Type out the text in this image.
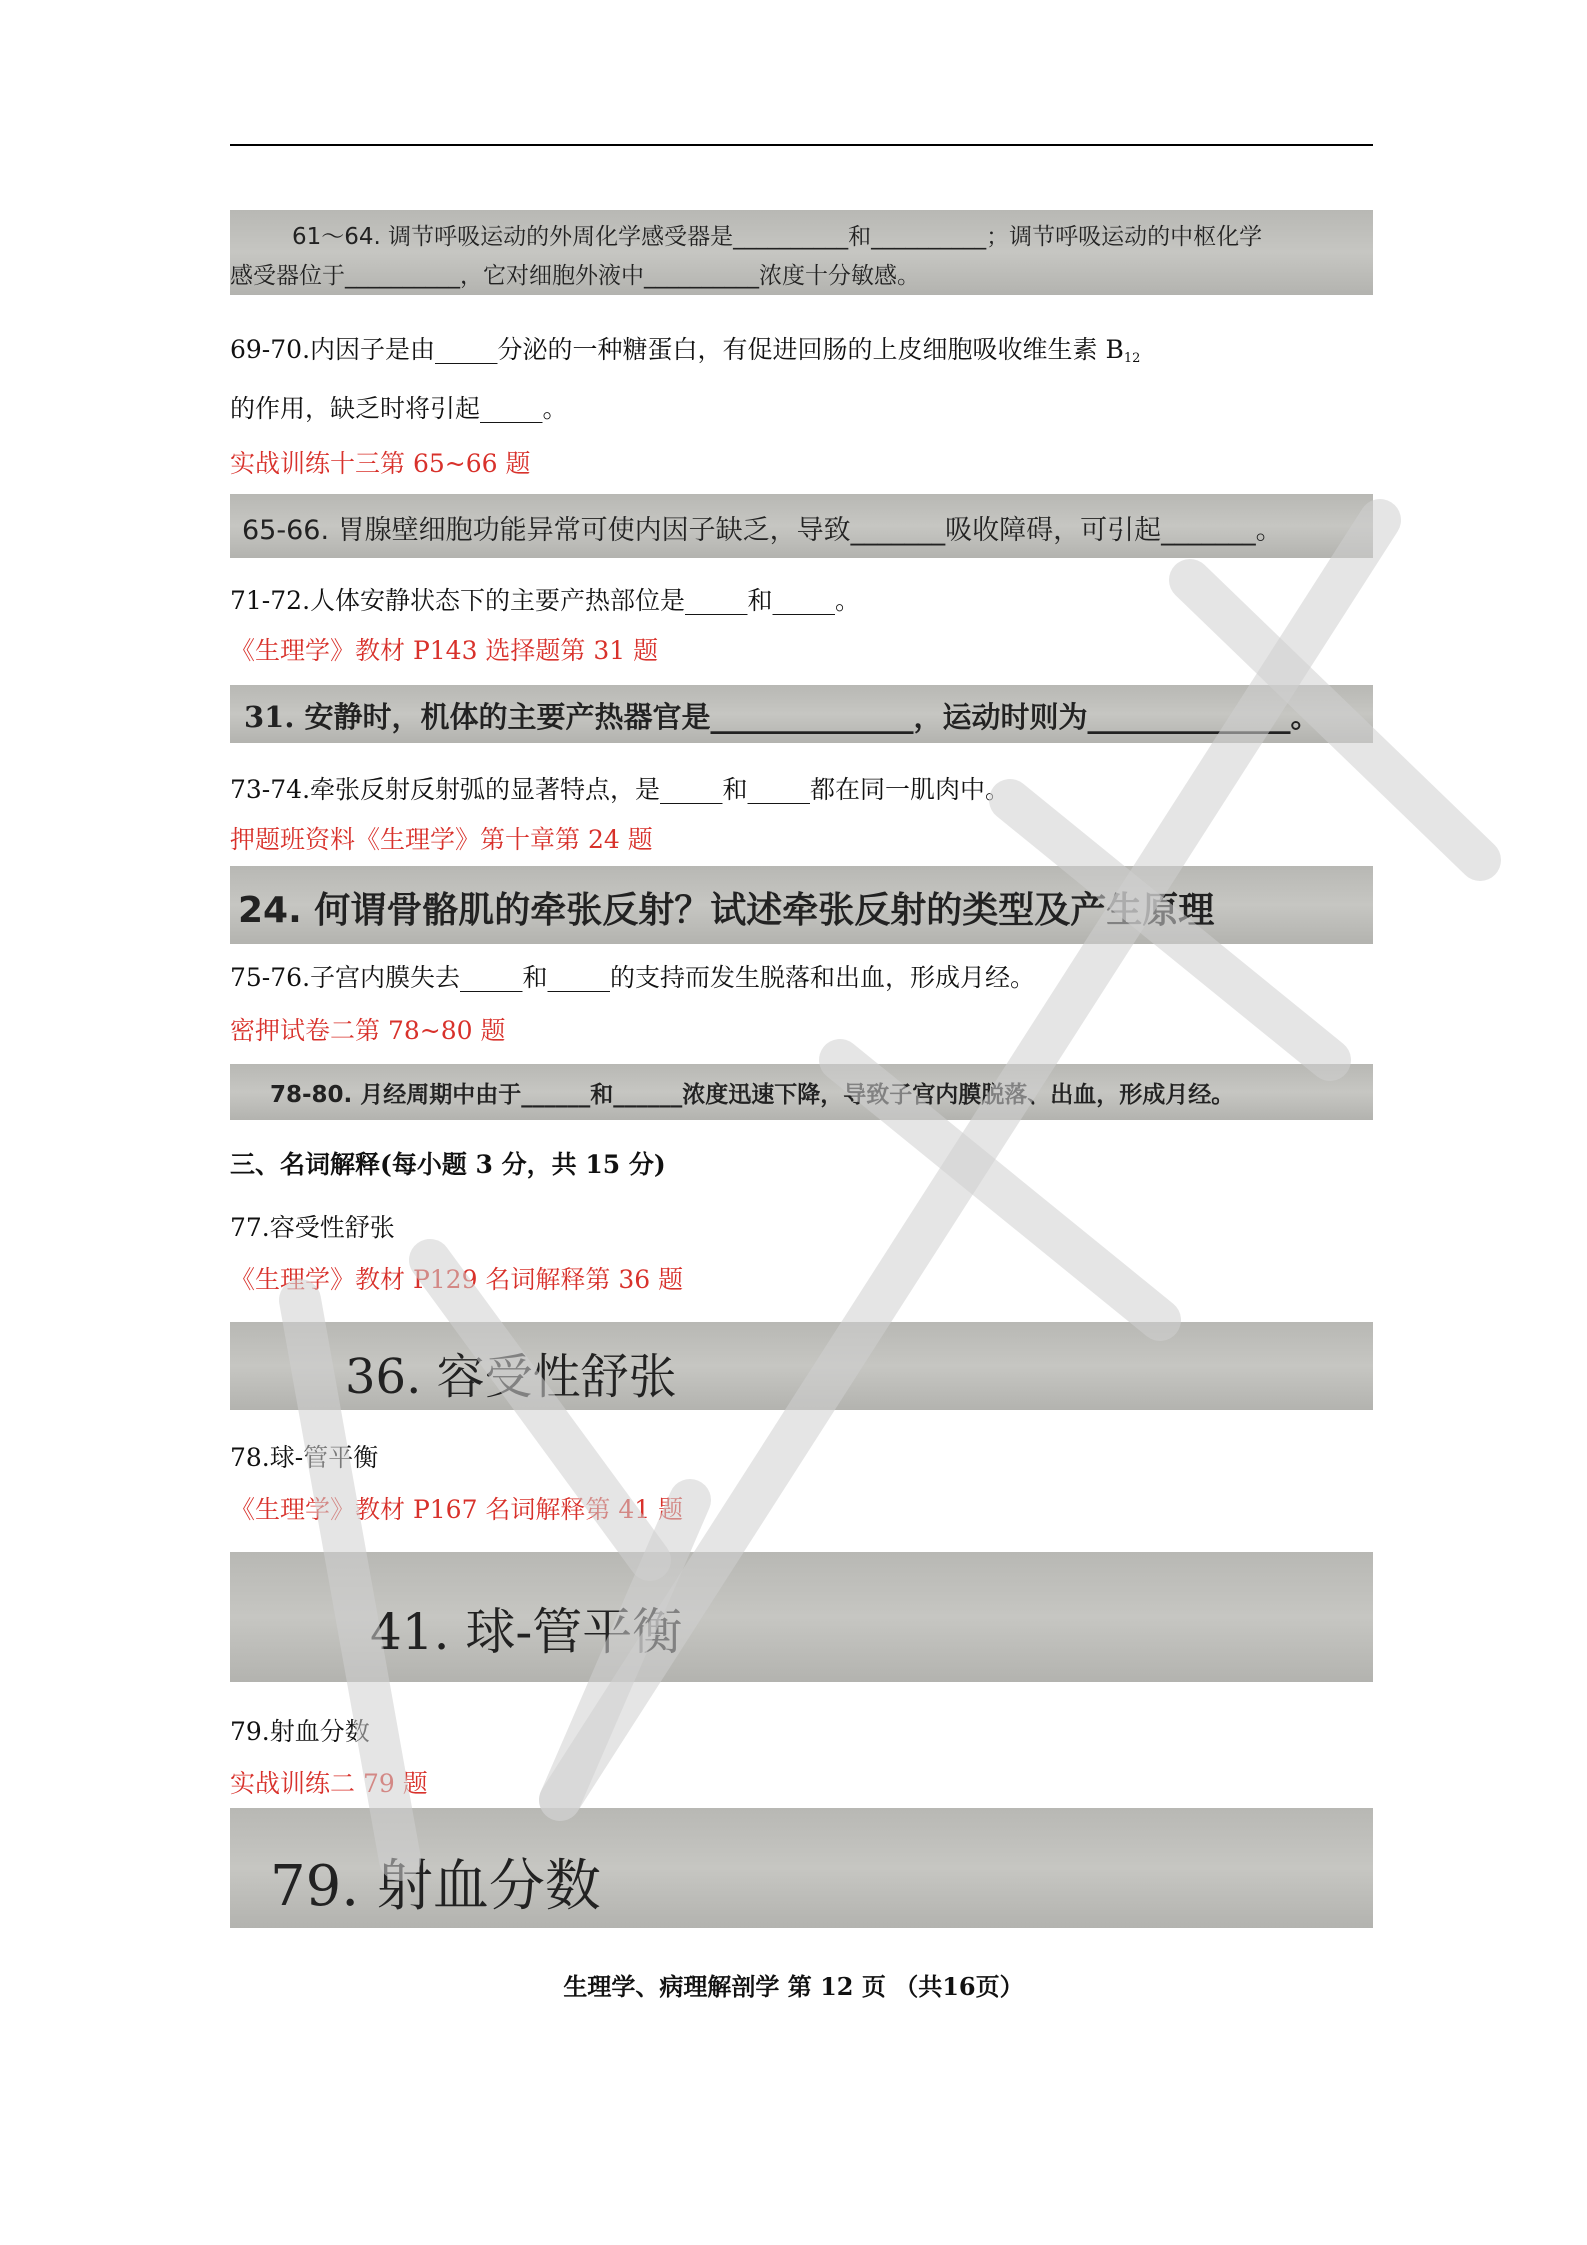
61～64. 调节呼吸运动的外周化学感受器是__________和__________；调节呼吸运动的中枢化学
感受器位于__________，它对细胞外液中__________浓度十分敏感。
69-70.内因子是由_____分泌的一种糖蛋白，有促进回肠的上皮细胞吸收维生素 $B_{12}$
的作用，缺乏时将引起_____。
实战训练十三第 65~66 题
65-66. 胃腺壁细胞功能异常可使内因子缺乏，导致_______吸收障碍，可引起_______。
71-72.人体安静状态下的主要产热部位是_____和_____。
《生理学》教材 P143 选择题第 31 题
31. 安静时，机体的主要产热器官是______________，运动时则为______________。
73-74.牵张反射反射弧的显著特点，是_____和_____都在同一肌肉中。
押题班资料《生理学》第十章第 24 题
24. 何谓骨骼肌的牵张反射？试述牵张反射的类型及产生原理
75-76.子宫内膜失去_____和_____的支持而发生脱落和出血，形成月经。
密押试卷二第 78~80 题
78-80. 月经周期中由于______和______浓度迅速下降，导致子宫内膜脱落、出血，形成月经。
三、名词解释(每小题 3 分，共 15 分)
77.容受性舒张
《生理学》教材 P129 名词解释第 36 题
36. 容受性舒张
78.球-管平衡
《生理学》教材 P167 名词解释第 41 题
41. 球-管平衡
79.射血分数
实战训练二 79 题
79. 射血分数
生理学、病理解剖学 第 12 页 （共16页）
